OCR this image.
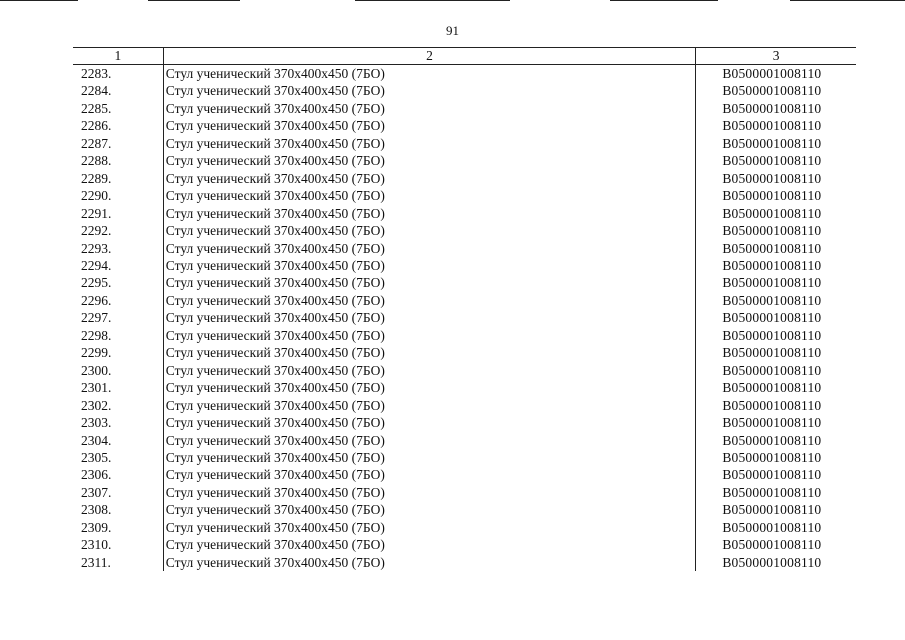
91
1	2	3
2283.	Стул ученический 370x400x450 (7БО)	B0500001008110
2284.	Стул ученический 370x400x450 (7БО)	B0500001008110
2285.	Стул ученический 370x400x450 (7БО)	B0500001008110
2286.	Стул ученический 370x400x450 (7БО)	B0500001008110
2287.	Стул ученический 370x400x450 (7БО)	B0500001008110
2288.	Стул ученический 370x400x450 (7БО)	B0500001008110
2289.	Стул ученический 370x400x450 (7БО)	B0500001008110
2290.	Стул ученический 370x400x450 (7БО)	B0500001008110
2291.	Стул ученический 370x400x450 (7БО)	B0500001008110
2292.	Стул ученический 370x400x450 (7БО)	B0500001008110
2293.	Стул ученический 370x400x450 (7БО)	B0500001008110
2294.	Стул ученический 370x400x450 (7БО)	B0500001008110
2295.	Стул ученический 370x400x450 (7БО)	B0500001008110
2296.	Стул ученический 370x400x450 (7БО)	B0500001008110
2297.	Стул ученический 370x400x450 (7БО)	B0500001008110
2298.	Стул ученический 370x400x450 (7БО)	B0500001008110
2299.	Стул ученический 370x400x450 (7БО)	B0500001008110
2300.	Стул ученический 370x400x450 (7БО)	B0500001008110
2301.	Стул ученический 370x400x450 (7БО)	B0500001008110
2302.	Стул ученический 370x400x450 (7БО)	B0500001008110
2303.	Стул ученический 370x400x450 (7БО)	B0500001008110
2304.	Стул ученический 370x400x450 (7БО)	B0500001008110
2305.	Стул ученический 370x400x450 (7БО)	B0500001008110
2306.	Стул ученический 370x400x450 (7БО)	B0500001008110
2307.	Стул ученический 370x400x450 (7БО)	B0500001008110
2308.	Стул ученический 370x400x450 (7БО)	B0500001008110
2309.	Стул ученический 370x400x450 (7БО)	B0500001008110
2310.	Стул ученический 370x400x450 (7БО)	B0500001008110
2311.	Стул ученический 370x400x450 (7БО)	B0500001008110
